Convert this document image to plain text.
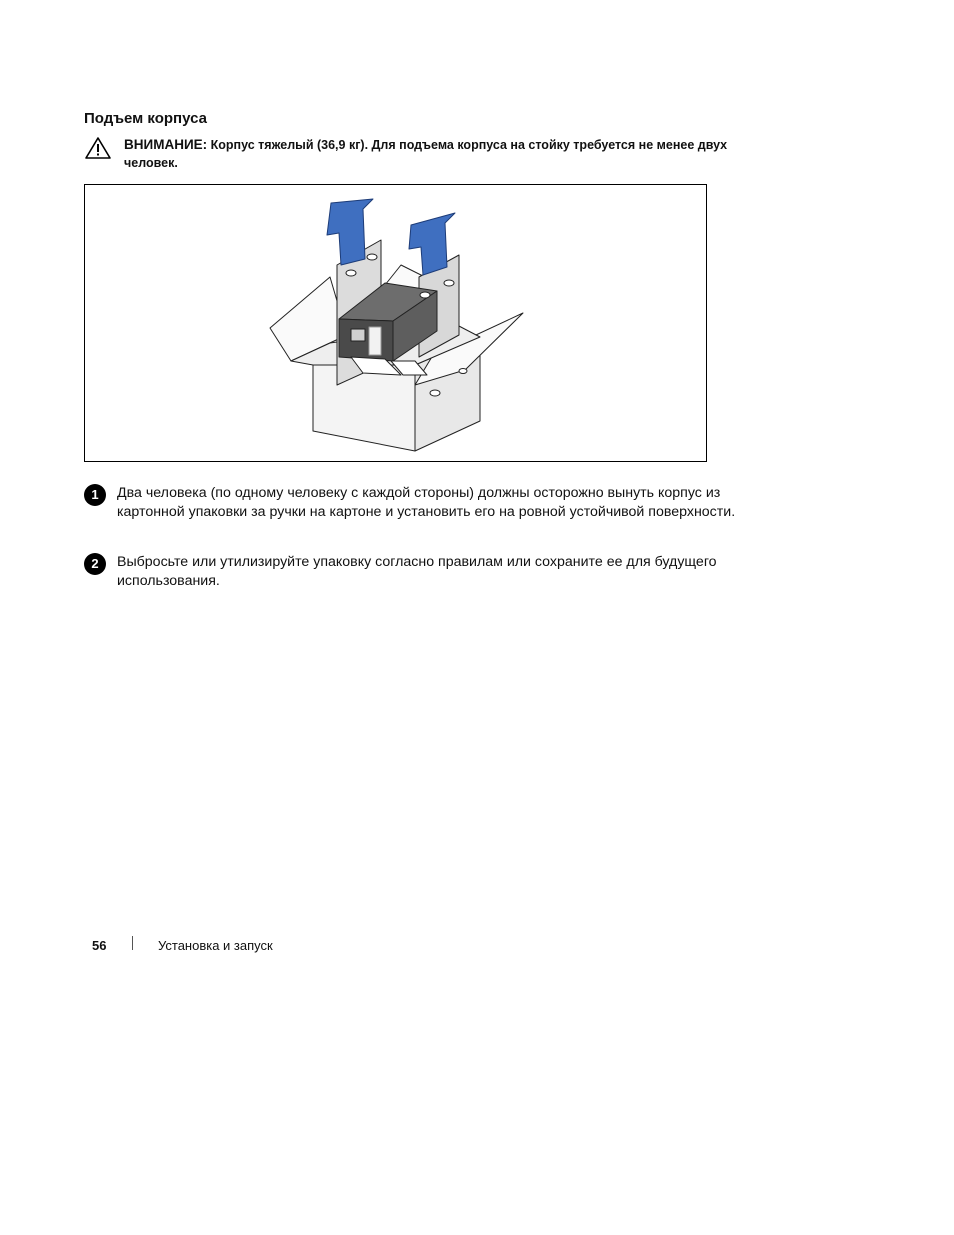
Подъем корпуса
ВНИМАНИЕ: Корпус тяжелый (36,9 кг). Для подъема корпуса на стойку требуется не менее двух человек.
1	Два человека (по одному человеку с каждой стороны) должны осторожно вынуть корпус из картонной упаковки за ручки на картоне и установить его на ровной устойчивой поверхности.
2	Выбросьте или утилизируйте упаковку согласно правилам или сохраните ее для будущего использования.
56	Установка и запуск
